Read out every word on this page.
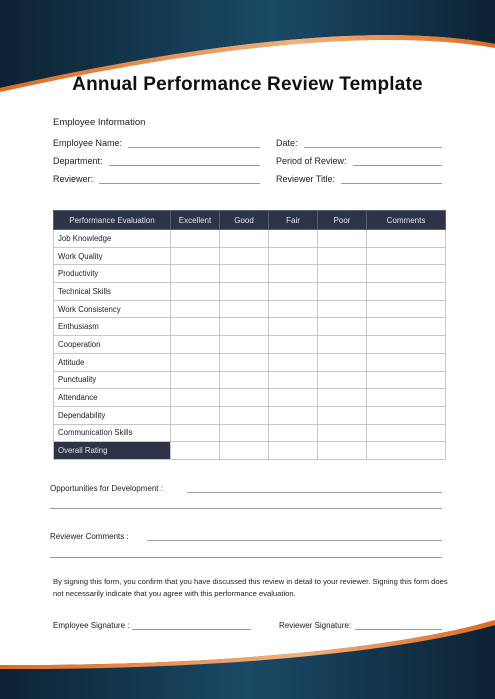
Annual Performance Review Template
Employee Information
Employee Name:	Date:
Department:	Period of Review:
Reviewer:	Reviewer Title:
Performance Evaluation	Excellent	Good	Fair	Poor	Comments
Job Knowledge					
Work Quality					
Productivity					
Technical Skills					
Work Consistency					
Enthusiasm					
Cooperation					
Attitude					
Punctuality					
Attendance					
Dependability					
Communication Skills					
Overall Rating					
Opportunities for Development :
Reviewer Comments :
By signing this form, you confirm that you have discussed this review in detail to your reviewer. Signing this form does not necessarily indicate that you agree with this performance evaluation.
Employee Signature :	Reviewer Signature:
